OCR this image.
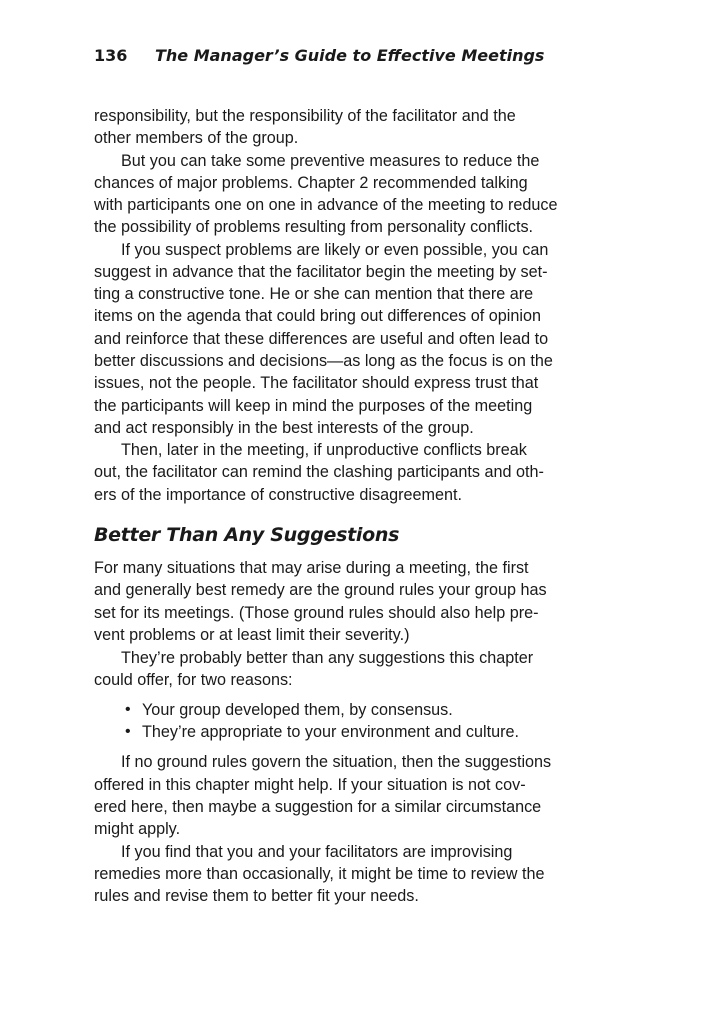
136 The Manager’s Guide to Effective Meetings
responsibility, but the responsibility of the facilitator and the
other members of the group.
But you can take some preventive measures to reduce the
chances of major problems. Chapter 2 recommended talking
with participants one on one in advance of the meeting to reduce
the possibility of problems resulting from personality conflicts.
If you suspect problems are likely or even possible, you can
suggest in advance that the facilitator begin the meeting by set-
ting a constructive tone. He or she can mention that there are
items on the agenda that could bring out differences of opinion
and reinforce that these differences are useful and often lead to
better discussions and decisions—as long as the focus is on the
issues, not the people. The facilitator should express trust that
the participants will keep in mind the purposes of the meeting
and act responsibly in the best interests of the group.
Then, later in the meeting, if unproductive conflicts break
out, the facilitator can remind the clashing participants and oth-
ers of the importance of constructive disagreement.
Better Than Any Suggestions
For many situations that may arise during a meeting, the first
and generally best remedy are the ground rules your group has
set for its meetings. (Those ground rules should also help pre-
vent problems or at least limit their severity.)
They’re probably better than any suggestions this chapter
could offer, for two reasons:
• Your group developed them, by consensus.
• They’re appropriate to your environment and culture.
If no ground rules govern the situation, then the suggestions
offered in this chapter might help. If your situation is not cov-
ered here, then maybe a suggestion for a similar circumstance
might apply.
If you find that you and your facilitators are improvising
remedies more than occasionally, it might be time to review the
rules and revise them to better fit your needs.
